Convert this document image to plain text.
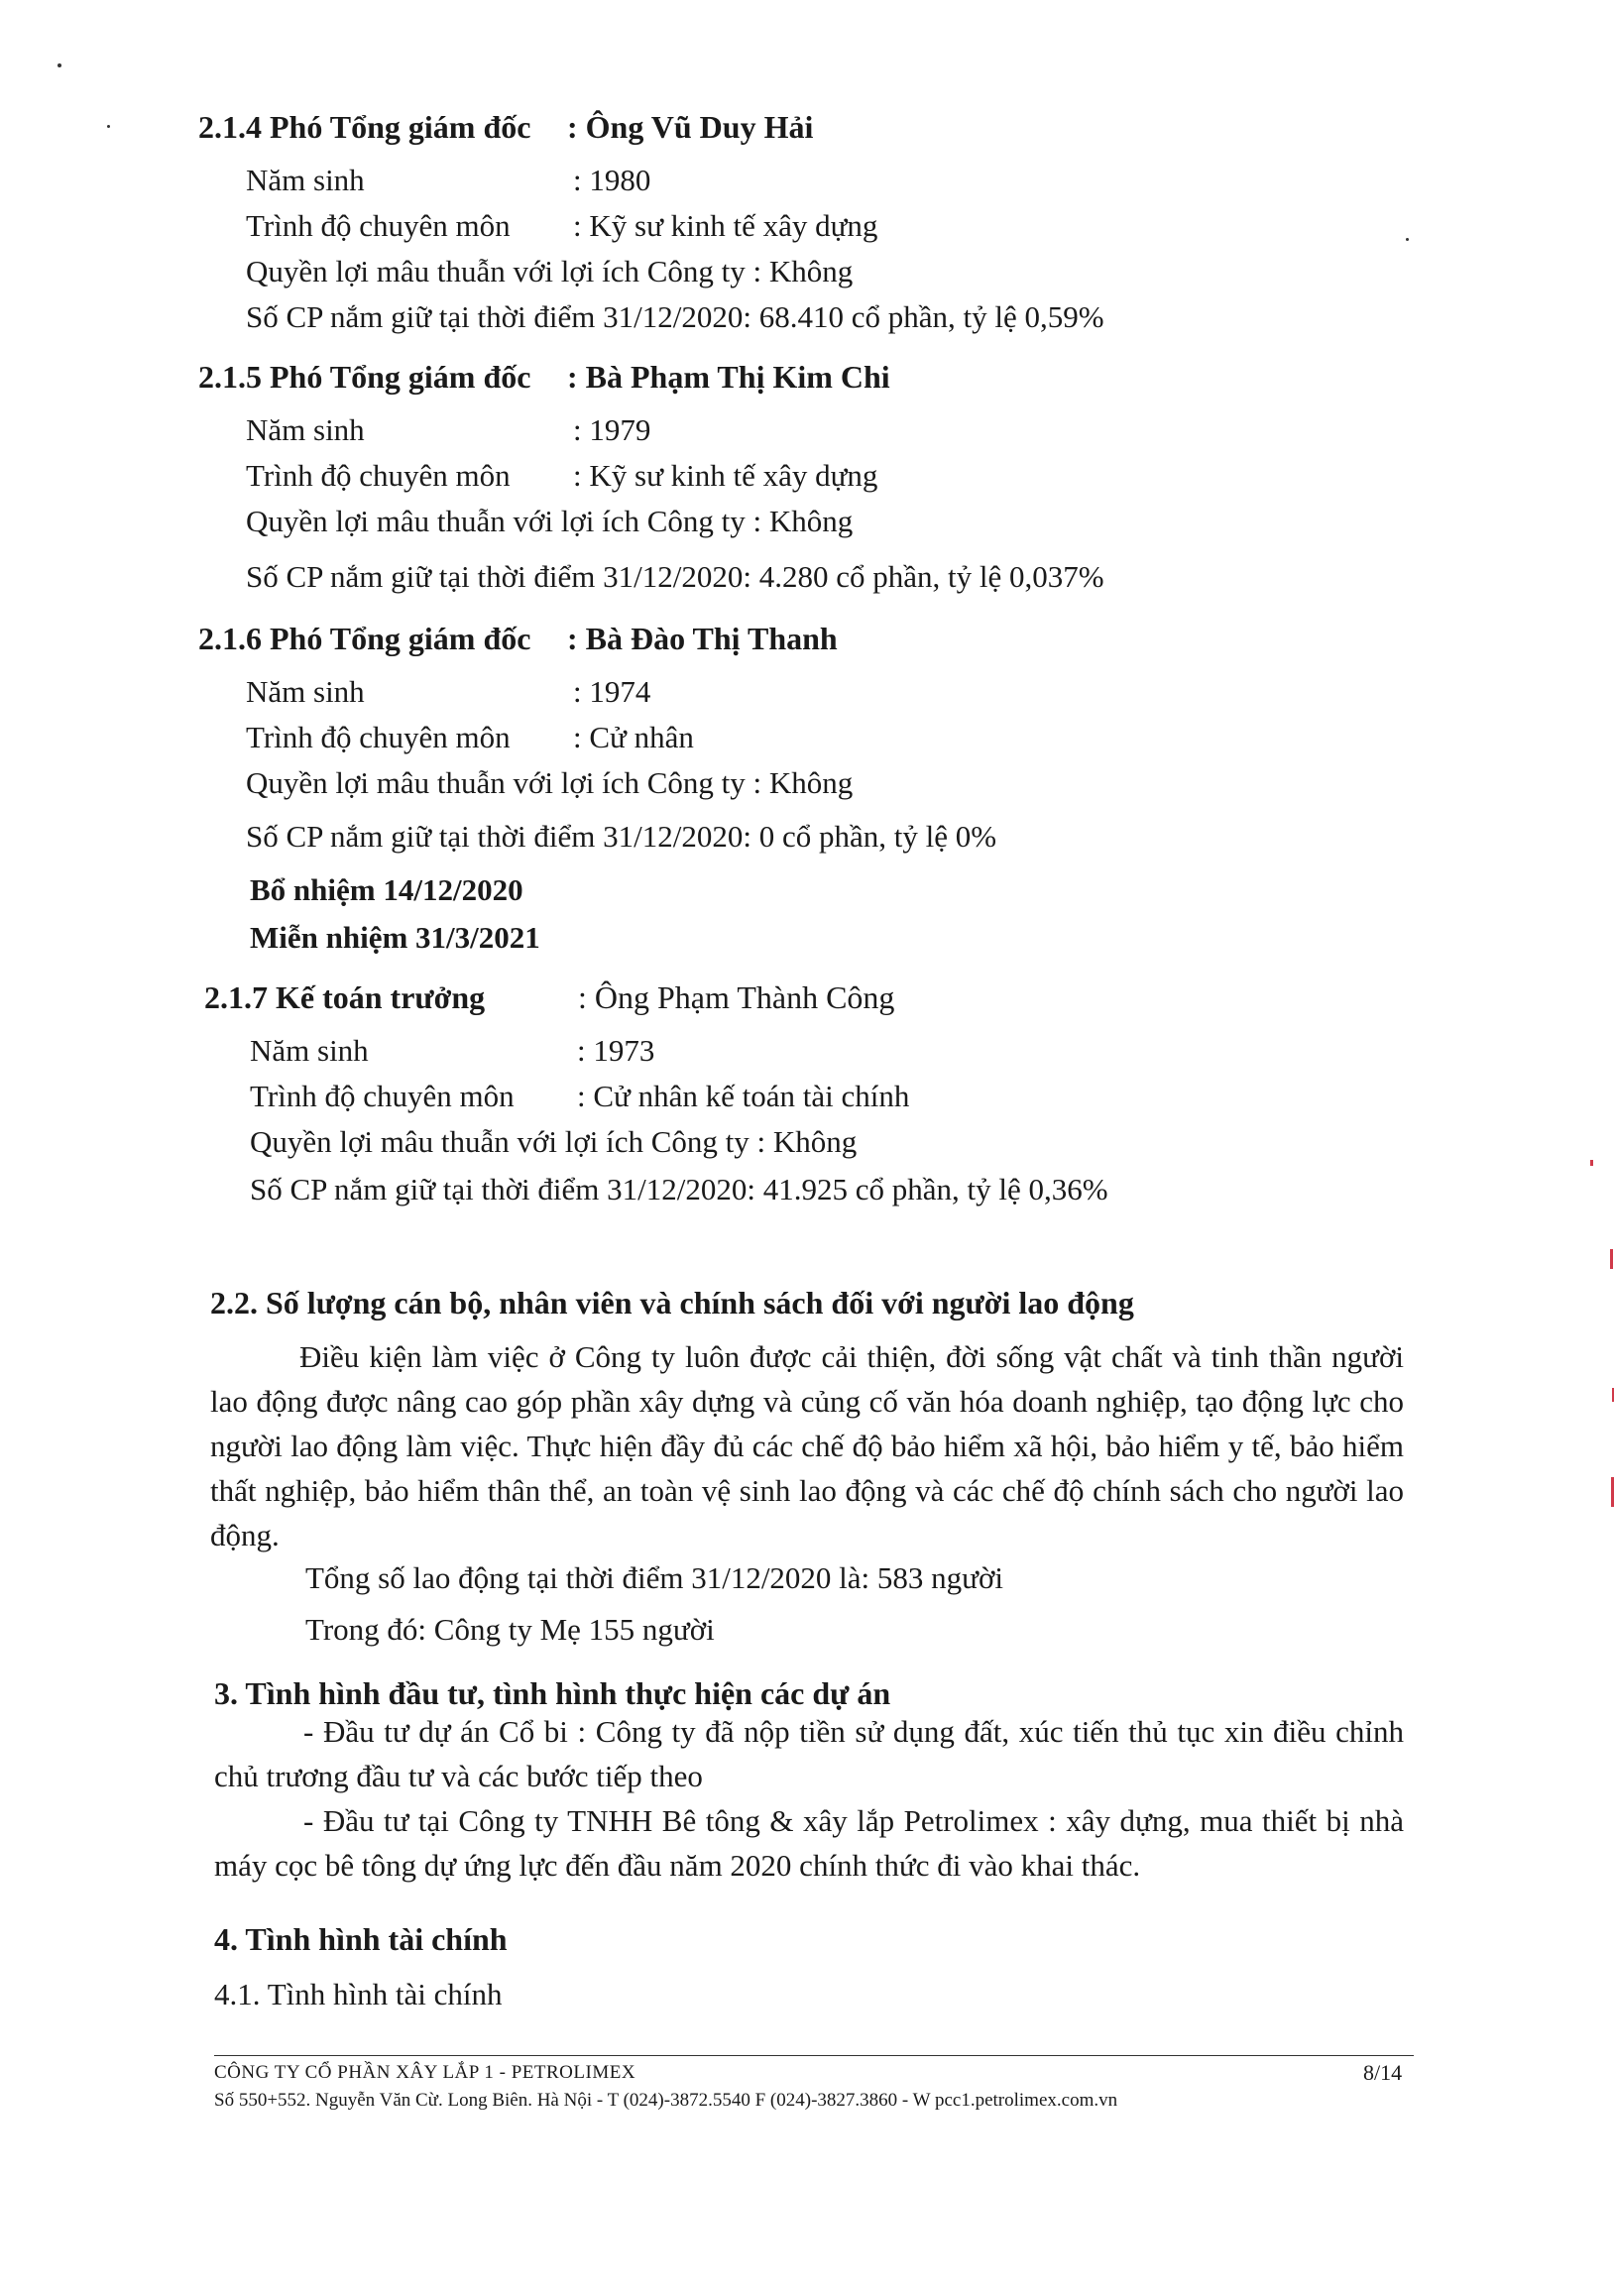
2.1.4 Phó Tổng giám đốc : Ông Vũ Duy Hải
Năm sinh	: 1980
Trình độ chuyên môn : Kỹ sư kinh tế xây dựng
Quyền lợi mâu thuẫn với lợi ích Công ty : Không
Số CP nắm giữ tại thời điểm 31/12/2020: 68.410 cổ phần, tỷ lệ 0,59%
2.1.5 Phó Tổng giám đốc : Bà Phạm Thị Kim Chi
Năm sinh	: 1979
Trình độ chuyên môn : Kỹ sư kinh tế xây dựng
Quyền lợi mâu thuẫn với lợi ích Công ty : Không
Số CP nắm giữ tại thời điểm 31/12/2020: 4.280 cổ phần, tỷ lệ 0,037%
2.1.6 Phó Tổng giám đốc : Bà Đào Thị Thanh
Năm sinh	: 1974
Trình độ chuyên môn : Cử nhân
Quyền lợi mâu thuẫn với lợi ích Công ty : Không
Số CP nắm giữ tại thời điểm 31/12/2020: 0 cổ phần, tỷ lệ 0%
Bổ nhiệm 14/12/2020
Miễn nhiệm 31/3/2021
2.1.7 Kế toán trưởng	: Ông Phạm Thành Công
Năm sinh	: 1973
Trình độ chuyên môn : Cử nhân kế toán tài chính
Quyền lợi mâu thuẫn với lợi ích Công ty : Không
Số CP nắm giữ tại thời điểm 31/12/2020: 41.925 cổ phần, tỷ lệ 0,36%
2.2. Số lượng cán bộ, nhân viên và chính sách đối với người lao động
Điều kiện làm việc ở Công ty luôn được cải thiện, đời sống vật chất và tinh thần người lao động được nâng cao góp phần xây dựng và củng cố văn hóa doanh nghiệp, tạo động lực cho người lao động làm việc. Thực hiện đầy đủ các chế độ bảo hiểm xã hội, bảo hiểm y tế, bảo hiểm thất nghiệp, bảo hiểm thân thể, an toàn vệ sinh lao động và các chế độ chính sách cho người lao động.
Tổng số lao động tại thời điểm 31/12/2020 là: 583 người
Trong đó: Công ty Mẹ 155 người
3. Tình hình đầu tư, tình hình thực hiện các dự án
- Đầu tư dự án Cổ bi : Công ty đã nộp tiền sử dụng đất, xúc tiến thủ tục xin điều chỉnh chủ trương đầu tư và các bước tiếp theo
- Đầu tư tại Công ty TNHH Bê tông & xây lắp Petrolimex : xây dựng, mua thiết bị nhà máy cọc bê tông dự ứng lực đến đầu năm 2020 chính thức đi vào khai thác.
4. Tình hình tài chính
4.1. Tình hình tài chính
CÔNG TY CỔ PHẦN XÂY LẮP 1 - PETROLIMEX
Số 550+552. Nguyễn Văn Cừ. Long Biên. Hà Nội - T (024)-3872.5540 F (024)-3827.3860 - W pcc1.petrolimex.com.vn
8/14
